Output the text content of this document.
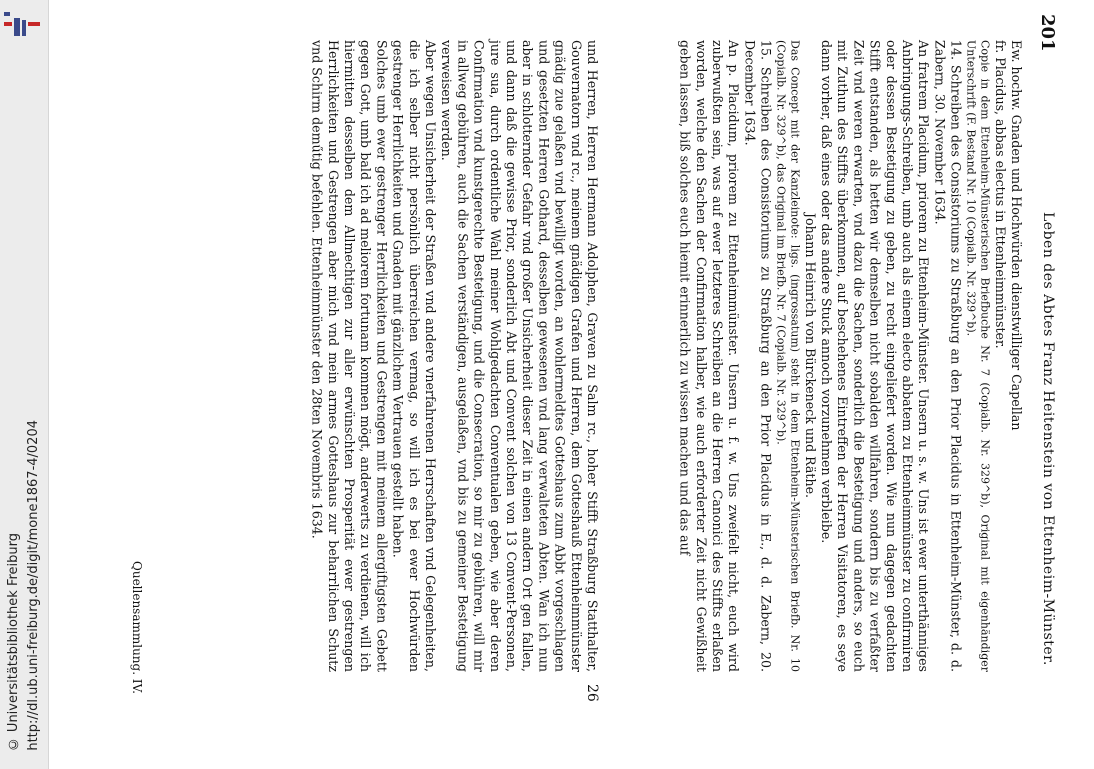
http://dl.ub.uni-freiburg.de/digit/mone1867-4/0204
© Universitätsbibliothek Freiburg
201
Leben des Abtes Franz Heitenstein von Ettenheim-Münster.

Ew. hochw. Gnaden und Hochwürden dienstwilliger Capellan

fr. Placidus, abbas electus in Ettenheimmünster.

Copie in dem Ettenheim-Münsterischen Briefbuche Nr. 7 (Copialb. Nr. 329^b), Original mit eigenhändiger Unterschrift (F. Bestand Nr. 10 (Copialb. Nr. 329^b).

14. Schreiben des Consistoriums zu Straßburg an den Prior Placidus in Ettenheim-Münster, d. d. Zabern, 30. November 1634.

An fratrem Placidum, priorem zu Ettenheim-Münster. Unsern u. s. w. Uns ist ewer unterthänniges Anbringungs-Schreiben, umb auch als einem electo abbatem zu Ettenheimmünster zu confirmiren oder dessen Bestetigung zu geben, zu recht eingeliefert worden. Wie nun dagegen gedachten Stifft entstanden, als hetten wir demselben nicht sobalden willfahren, sondern bis zu verfaßter Zeit vnd weren erwarten, vnd dazu die Sachen, sonderlich die Bestetigung und anders, so euch mit Zuthun des Stiffts überkommen, auf beschehenes Eintreffen der Herren Visitatoren, es seye dann vorher, daß eines oder das andere Stuck annoch vorzunehmen verbleibe.

Johann Heinrich von Bürckeneck und Räthe.

Das Concept mit der Kanzleinote: ligs. (ingrossatum) steht in dem Ettenheim-Münsterischen Briefb. Nr. 10 (Copialb. Nr. 329^b), das Original im Briefb. Nr. 7 (Copialb. Nr. 329^b).

15. Schreiben des Consistoriums zu Straßburg an den Prior Placidus in E., d. d. Zabern, 20. December 1634.

An p. Placidum, priorem zu Ettenheimmünster. Unsern u. f. w. Uns zweifelt nicht, euch wird zuberwußten sein, was auf ewer letzteres Schreiben an die Herren Canonici des Stiffts erlaßen worden, welche den Sachen der Confirmation halber, wie auch erforderter Zeit nicht Gewißheit geben lassen, biß solches euch hiemit erinnerlich zu wissen machen und das auf

und Herren, Herren Hermann Adolphen, Graven zu Salm rc., hoher Stifft Straßburg Statthalter, Gouvernatorn vnd rc., meinem gnädigen Grafen und Herren, dem Gotteshauß Ettenheimmünster gnädig zue gelaßen vnd bewilligt worden, an wohlermeldtes Gotteshaus zum Abbt vorgeschlagen und gesetzten Herren Gothard, desselben gewesenen vnd lang verwalteten Abten. Wan ich nun aber in schlotternder Gefahr vnd großer Unsicherheit dieser Zeit in einen andern Ort gen fallen, und dann daß die gewisse Prior, sonderlich Abt und Convent solchen von 13 Convent-Personen, jure sua, durch ordentliche Wahl meiner Wohlgedachten Conventualen geben, wie aber deren Confirmation vnd kunstgerechte Bestetigung, und die Consecration, so mir zu gebühren, will mir in allweg gebühren, auch die Sachen verständigen, ausgelaßen, vnd bis zu gemeiner Bestetigung verweisen werden.

Aber wegen Unsicherheit der Straßen vnd andere vnerfahrenen Herrschaften vnd Gelegenheiten, die ich selber nicht persönlich überreichen vermag, so will ich es bei ewer Hochwürden gestrenger Herrlichkeiten und Gnaden mit gänzlichem Vertrauen gestellt haben.

Solches umb ewer gestrenger Herrlichkeiten und Gestrengen mit meinem allergiftigsten Gebett gegen Gott, umb bald ich ad meliorem fortunam kommen mögt, anderwerts zu verdienen, will ich hiermitten desselben dem Allmechtigen zur aller erwünschten Prosperität ewer gestrengen Herrlichkeiten und Gestrengen aber mich vnd mein armes Gotteshaus zur beharrlichen Schutz vnd Schirm deműtig befehlen. Ettenheimmünster den 28ten Novembris 1634.

Quellensammlung. IV.	26
